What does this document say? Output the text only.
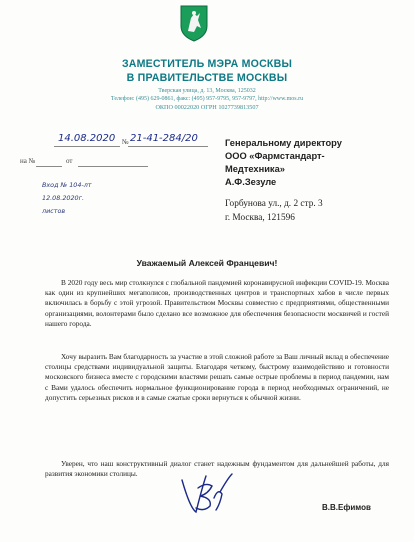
ЗАМЕСТИТЕЛЬ МЭРА МОСКВЫ
В ПРАВИТЕЛЬСТВЕ МОСКВЫ
Тверская улица, д. 13, Москва, 125032
Телефон: (495) 629-0861, факс: (495) 957-9795, 957-9797, http://www.mos.ru
ОКПО 00022020 ОГРН 1027739813507
14.08.2020 № 21-41-284/20
на №	от
Вход № 104-лт
12.08.2020г.
листов
Генеральному директору
ООО «Фармстандарт-
Медтехника»
А.Ф.Зезуле
Горбунова ул., д. 2 стр. 3
г. Москва, 121596
Уважаемый Алексей Францевич!

В 2020 году весь мир столкнулся с глобальной пандемией коронавирусной инфекции COVID-19. Москва как один из крупнейших мегаполисов, производственных центров и транспортных хабов в числе первых включилась в борьбу с этой угрозой. Правительством Москвы совместно с предприятиями, общественными организациями, волонтерами было сделано все возможное для обеспечения безопасности москвичей и гостей нашего города.

Хочу выразить Вам благодарность за участие в этой сложной работе за Ваш личный вклад в обеспечение столицы средствами индивидуальной защиты. Благодаря четкому, быстрому взаимодействию и готовности московского бизнеса вместе с городскими властями решать самые острые проблемы в период пандемии, нам с Вами удалось обеспечить нормальное функционирование города в период необходимых ограничений, не допустить серьезных рисков и в самые сжатые сроки вернуться к обычной жизни.

Уверен, что наш конструктивный диалог станет надежным фундаментом для дальнейшей работы, для развития экономики столицы.

В.В.Ефимов
